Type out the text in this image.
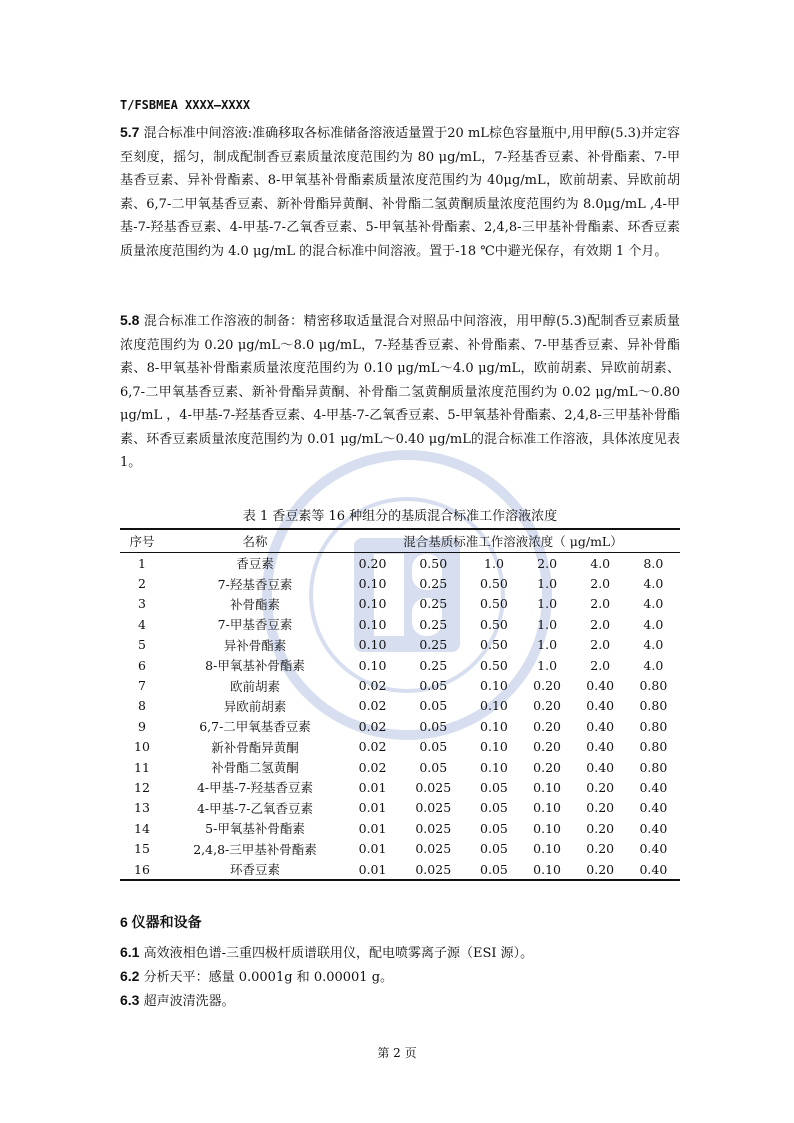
T/FSBMEA XXXX—XXXX
5.7 混合标准中间溶液:准确移取各标准储备溶液适量置于20 mL棕色容量瓶中,用甲醇(5.3)并定容至刻度，摇匀，制成配制香豆素质量浓度范围约为 80 μg/mL，7-羟基香豆素、补骨酯素、7-甲基香豆素、异补骨酯素、8-甲氧基补骨酯素质量浓度范围约为 40μg/mL，欧前胡素、异欧前胡素、6,7-二甲氧基香豆素、新补骨酯异黄酮、补骨酯二氢黄酮质量浓度范围约为 8.0μg/mL ,4-甲基-7-羟基香豆素、4-甲基-7-乙氧香豆素、5-甲氧基补骨酯素、2,4,8-三甲基补骨酯素、环香豆素质量浓度范围约为 4.0 μg/mL 的混合标准中间溶液。置于-18 ℃中避光保存，有效期 1 个月。
5.8 混合标准工作溶液的制备：精密移取适量混合对照品中间溶液，用甲醇(5.3)配制香豆素质量浓度范围约为 0.20 μg/mL～8.0 μg/mL，7-羟基香豆素、补骨酯素、7-甲基香豆素、异补骨酯素、8-甲氧基补骨酯素质量浓度范围约为 0.10 μg/mL～4.0 μg/mL，欧前胡素、异欧前胡素、6,7-二甲氧基香豆素、新补骨酯异黄酮、补骨酯二氢黄酮质量浓度范围约为 0.02 μg/mL～0.80 μg/mL ，4-甲基-7-羟基香豆素、4-甲基-7-乙氧香豆素、5-甲氧基补骨酯素、2,4,8-三甲基补骨酯素、环香豆素质量浓度范围约为 0.01 μg/mL～0.40 μg/mL的混合标准工作溶液，具体浓度见表 1。
表 1 香豆素等 16 种组分的基质混合标准工作溶液浓度
序号	名称	混合基质标准工作溶液浓度（ μg/mL）					
1	香豆素	0.20	0.50	1.0	2.0	4.0	8.0
2	7-羟基香豆素	0.10	0.25	0.50	1.0	2.0	4.0
3	补骨酯素	0.10	0.25	0.50	1.0	2.0	4.0
4	7-甲基香豆素	0.10	0.25	0.50	1.0	2.0	4.0
5	异补骨酯素	0.10	0.25	0.50	1.0	2.0	4.0
6	8-甲氧基补骨酯素	0.10	0.25	0.50	1.0	2.0	4.0
7	欧前胡素	0.02	0.05	0.10	0.20	0.40	0.80
8	异欧前胡素	0.02	0.05	0.10	0.20	0.40	0.80
9	6,7-二甲氧基香豆素	0.02	0.05	0.10	0.20	0.40	0.80
10	新补骨酯异黄酮	0.02	0.05	0.10	0.20	0.40	0.80
11	补骨酯二氢黄酮	0.02	0.05	0.10	0.20	0.40	0.80
12	4-甲基-7-羟基香豆素	0.01	0.025	0.05	0.10	0.20	0.40
13	4-甲基-7-乙氧香豆素	0.01	0.025	0.05	0.10	0.20	0.40
14	5-甲氧基补骨酯素	0.01	0.025	0.05	0.10	0.20	0.40
15	2,4,8-三甲基补骨酯素	0.01	0.025	0.05	0.10	0.20	0.40
16	环香豆素	0.01	0.025	0.05	0.10	0.20	0.40
6 仪器和设备
6.1 高效液相色谱-三重四极杆质谱联用仪，配电喷雾离子源（ESI 源）。
6.2 分析天平：感量 0.0001g 和 0.00001 g。
6.3 超声波清洗器。
第 2 页
